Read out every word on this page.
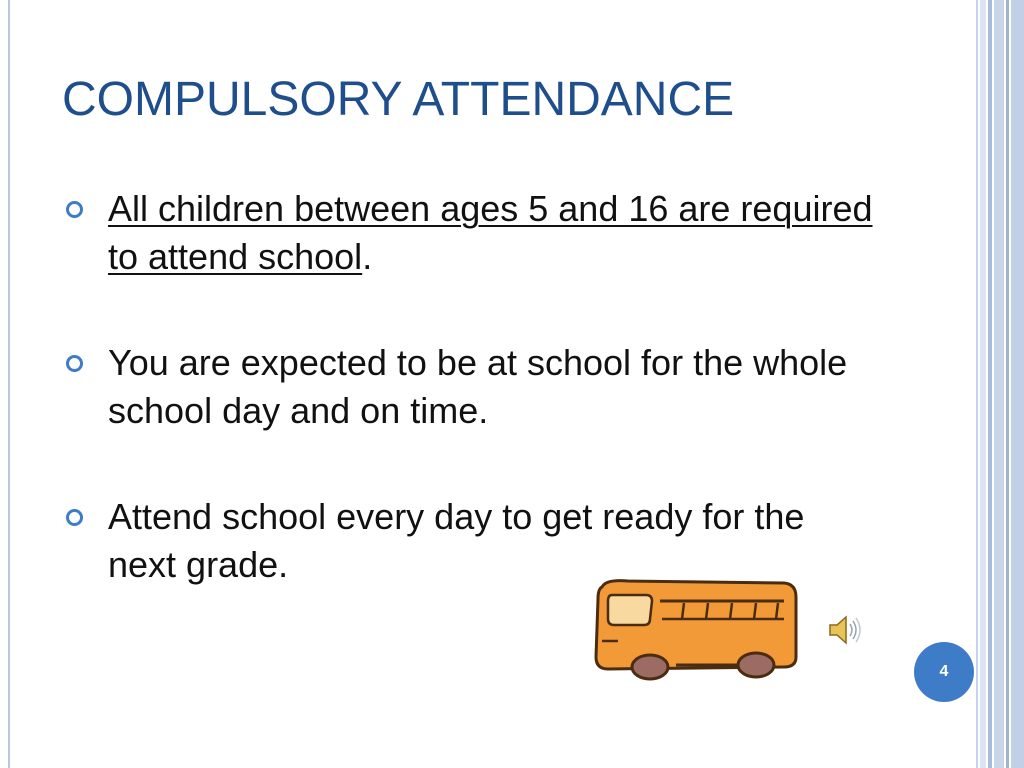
COMPULSORY ATTENDANCE
All children between ages 5 and 16 are required to attend school.
You are expected to be at school for the whole school day and on time.
Attend school every day to get ready for the next grade.
4
